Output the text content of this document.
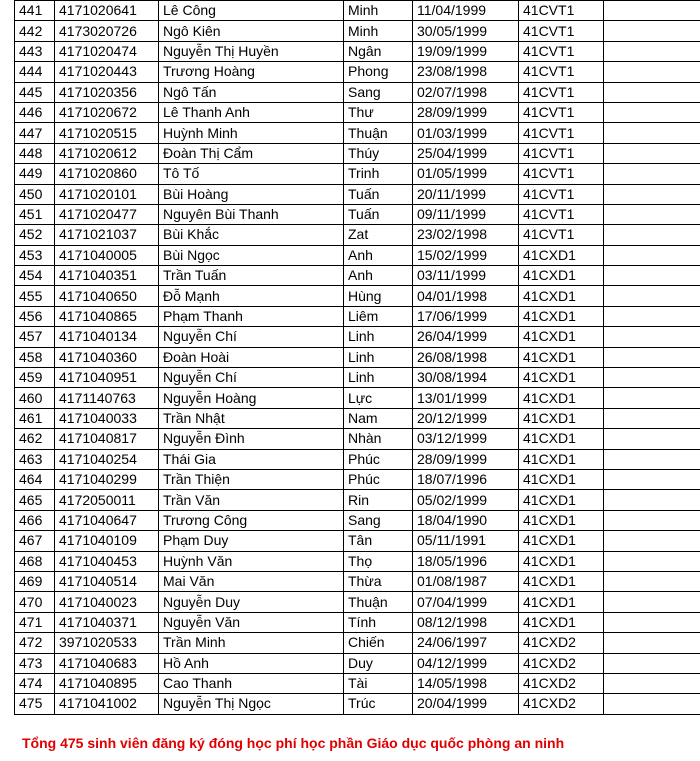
441	4171020641	Lê Công	Minh	11/04/1999	41CVT1	
442	4173020726	Ngô Kiên	Minh	30/05/1999	41CVT1	
443	4171020474	Nguyễn Thị Huyền	Ngân	19/09/1999	41CVT1	
444	4171020443	Trương Hoàng	Phong	23/08/1998	41CVT1	
445	4171020356	Ngô Tấn	Sang	02/07/1998	41CVT1	
446	4171020672	Lê Thanh Anh	Thư	28/09/1999	41CVT1	
447	4171020515	Huỳnh Minh	Thuận	01/03/1999	41CVT1	
448	4171020612	Đoàn Thị Cẩm	Thúy	25/04/1999	41CVT1	
449	4171020860	Tô Tố	Trinh	01/05/1999	41CVT1	
450	4171020101	Bùi Hoàng	Tuấn	20/11/1999	41CVT1	
451	4171020477	Nguyên Bùi Thanh	Tuấn	09/11/1999	41CVT1	
452	4171021037	Bùi Khắc	Zat	23/02/1998	41CVT1	
453	4171040005	Bùi Ngọc	Anh	15/02/1999	41CXD1	
454	4171040351	Trần Tuấn	Anh	03/11/1999	41CXD1	
455	4171040650	Đỗ Mạnh	Hùng	04/01/1998	41CXD1	
456	4171040865	Phạm Thanh	Liêm	17/06/1999	41CXD1	
457	4171040134	Nguyễn Chí	Linh	26/04/1999	41CXD1	
458	4171040360	Đoàn Hoài	Linh	26/08/1998	41CXD1	
459	4171040951	Nguyễn Chí	Linh	30/08/1994	41CXD1	
460	4171140763	Nguyễn Hoàng	Lực	13/01/1999	41CXD1	
461	4171040033	Trần Nhật	Nam	20/12/1999	41CXD1	
462	4171040817	Nguyễn Đình	Nhàn	03/12/1999	41CXD1	
463	4171040254	Thái Gia	Phúc	28/09/1999	41CXD1	
464	4171040299	Trần Thiện	Phúc	18/07/1996	41CXD1	
465	4172050011	Trần Văn	Rin	05/02/1999	41CXD1	
466	4171040647	Trương Công	Sang	18/04/1990	41CXD1	
467	4171040109	Phạm Duy	Tân	05/11/1991	41CXD1	
468	4171040453	Huỳnh Văn	Thọ	18/05/1996	41CXD1	
469	4171040514	Mai Văn	Thừa	01/08/1987	41CXD1	
470	4171040023	Nguyễn Duy	Thuận	07/04/1999	41CXD1	
471	4171040371	Nguyễn Văn	Tính	08/12/1998	41CXD1	
472	3971020533	Trần Minh	Chiến	24/06/1997	41CXD2	
473	4171040683	Hồ Anh	Duy	04/12/1999	41CXD2	
474	4171040895	Cao Thanh	Tài	14/05/1998	41CXD2	
475	4171041002	Nguyễn Thị Ngọc	Trúc	20/04/1999	41CXD2	
Tổng 475 sinh viên đăng ký đóng học phí học phần Giáo dục quốc phòng an ninh
